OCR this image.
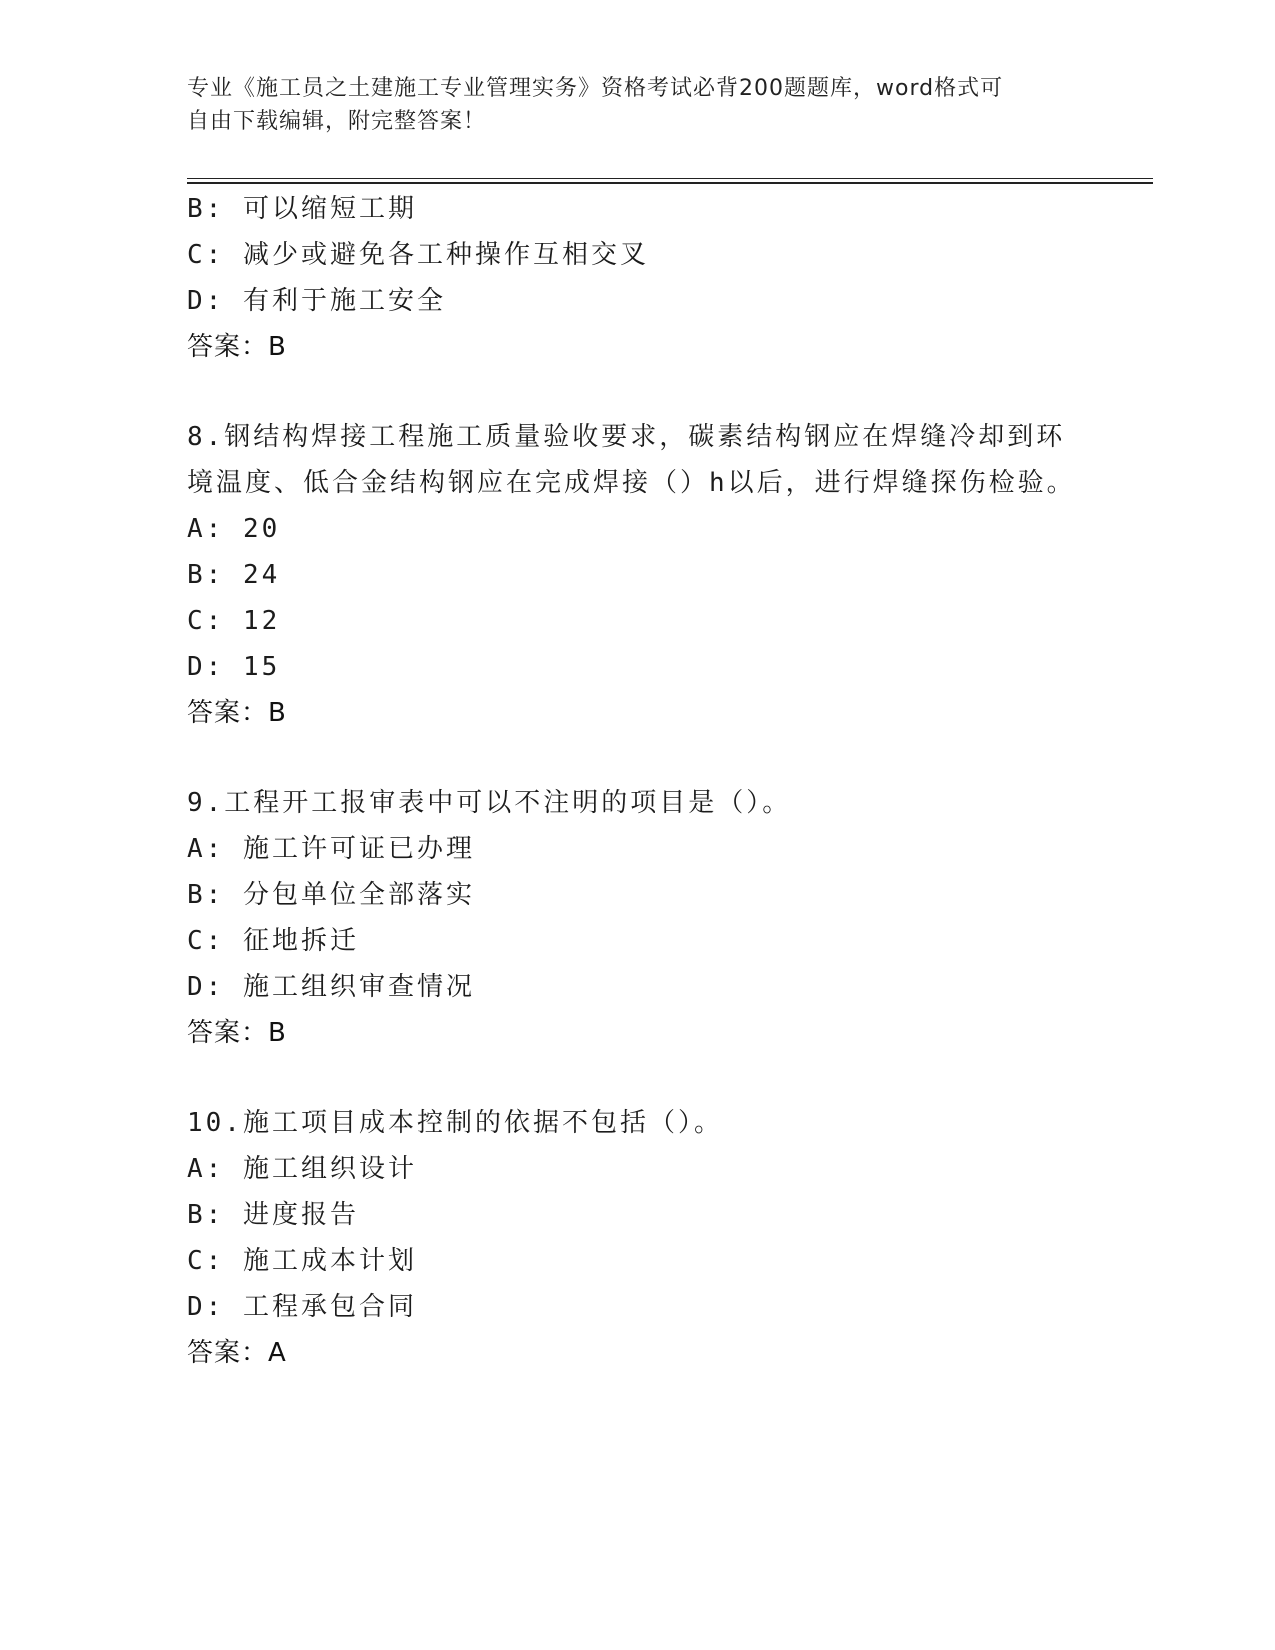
专业《施工员之土建施工专业管理实务》资格考试必背200题题库，word格式可
自由下载编辑，附完整答案！
B: 可以缩短工期
C: 减少或避免各工种操作互相交叉
D: 有利于施工安全
答案：B
8.钢结构焊接工程施工质量验收要求，碳素结构钢应在焊缝冷却到环
境温度、低合金结构钢应在完成焊接（）h以后，进行焊缝探伤检验。
A: 20
B: 24
C: 12
D: 15
答案：B
9.工程开工报审表中可以不注明的项目是（）。
A: 施工许可证已办理
B: 分包单位全部落实
C: 征地拆迁
D: 施工组织审查情况
答案：B
10.施工项目成本控制的依据不包括（）。
A: 施工组织设计
B: 进度报告
C: 施工成本计划
D: 工程承包合同
答案：A
